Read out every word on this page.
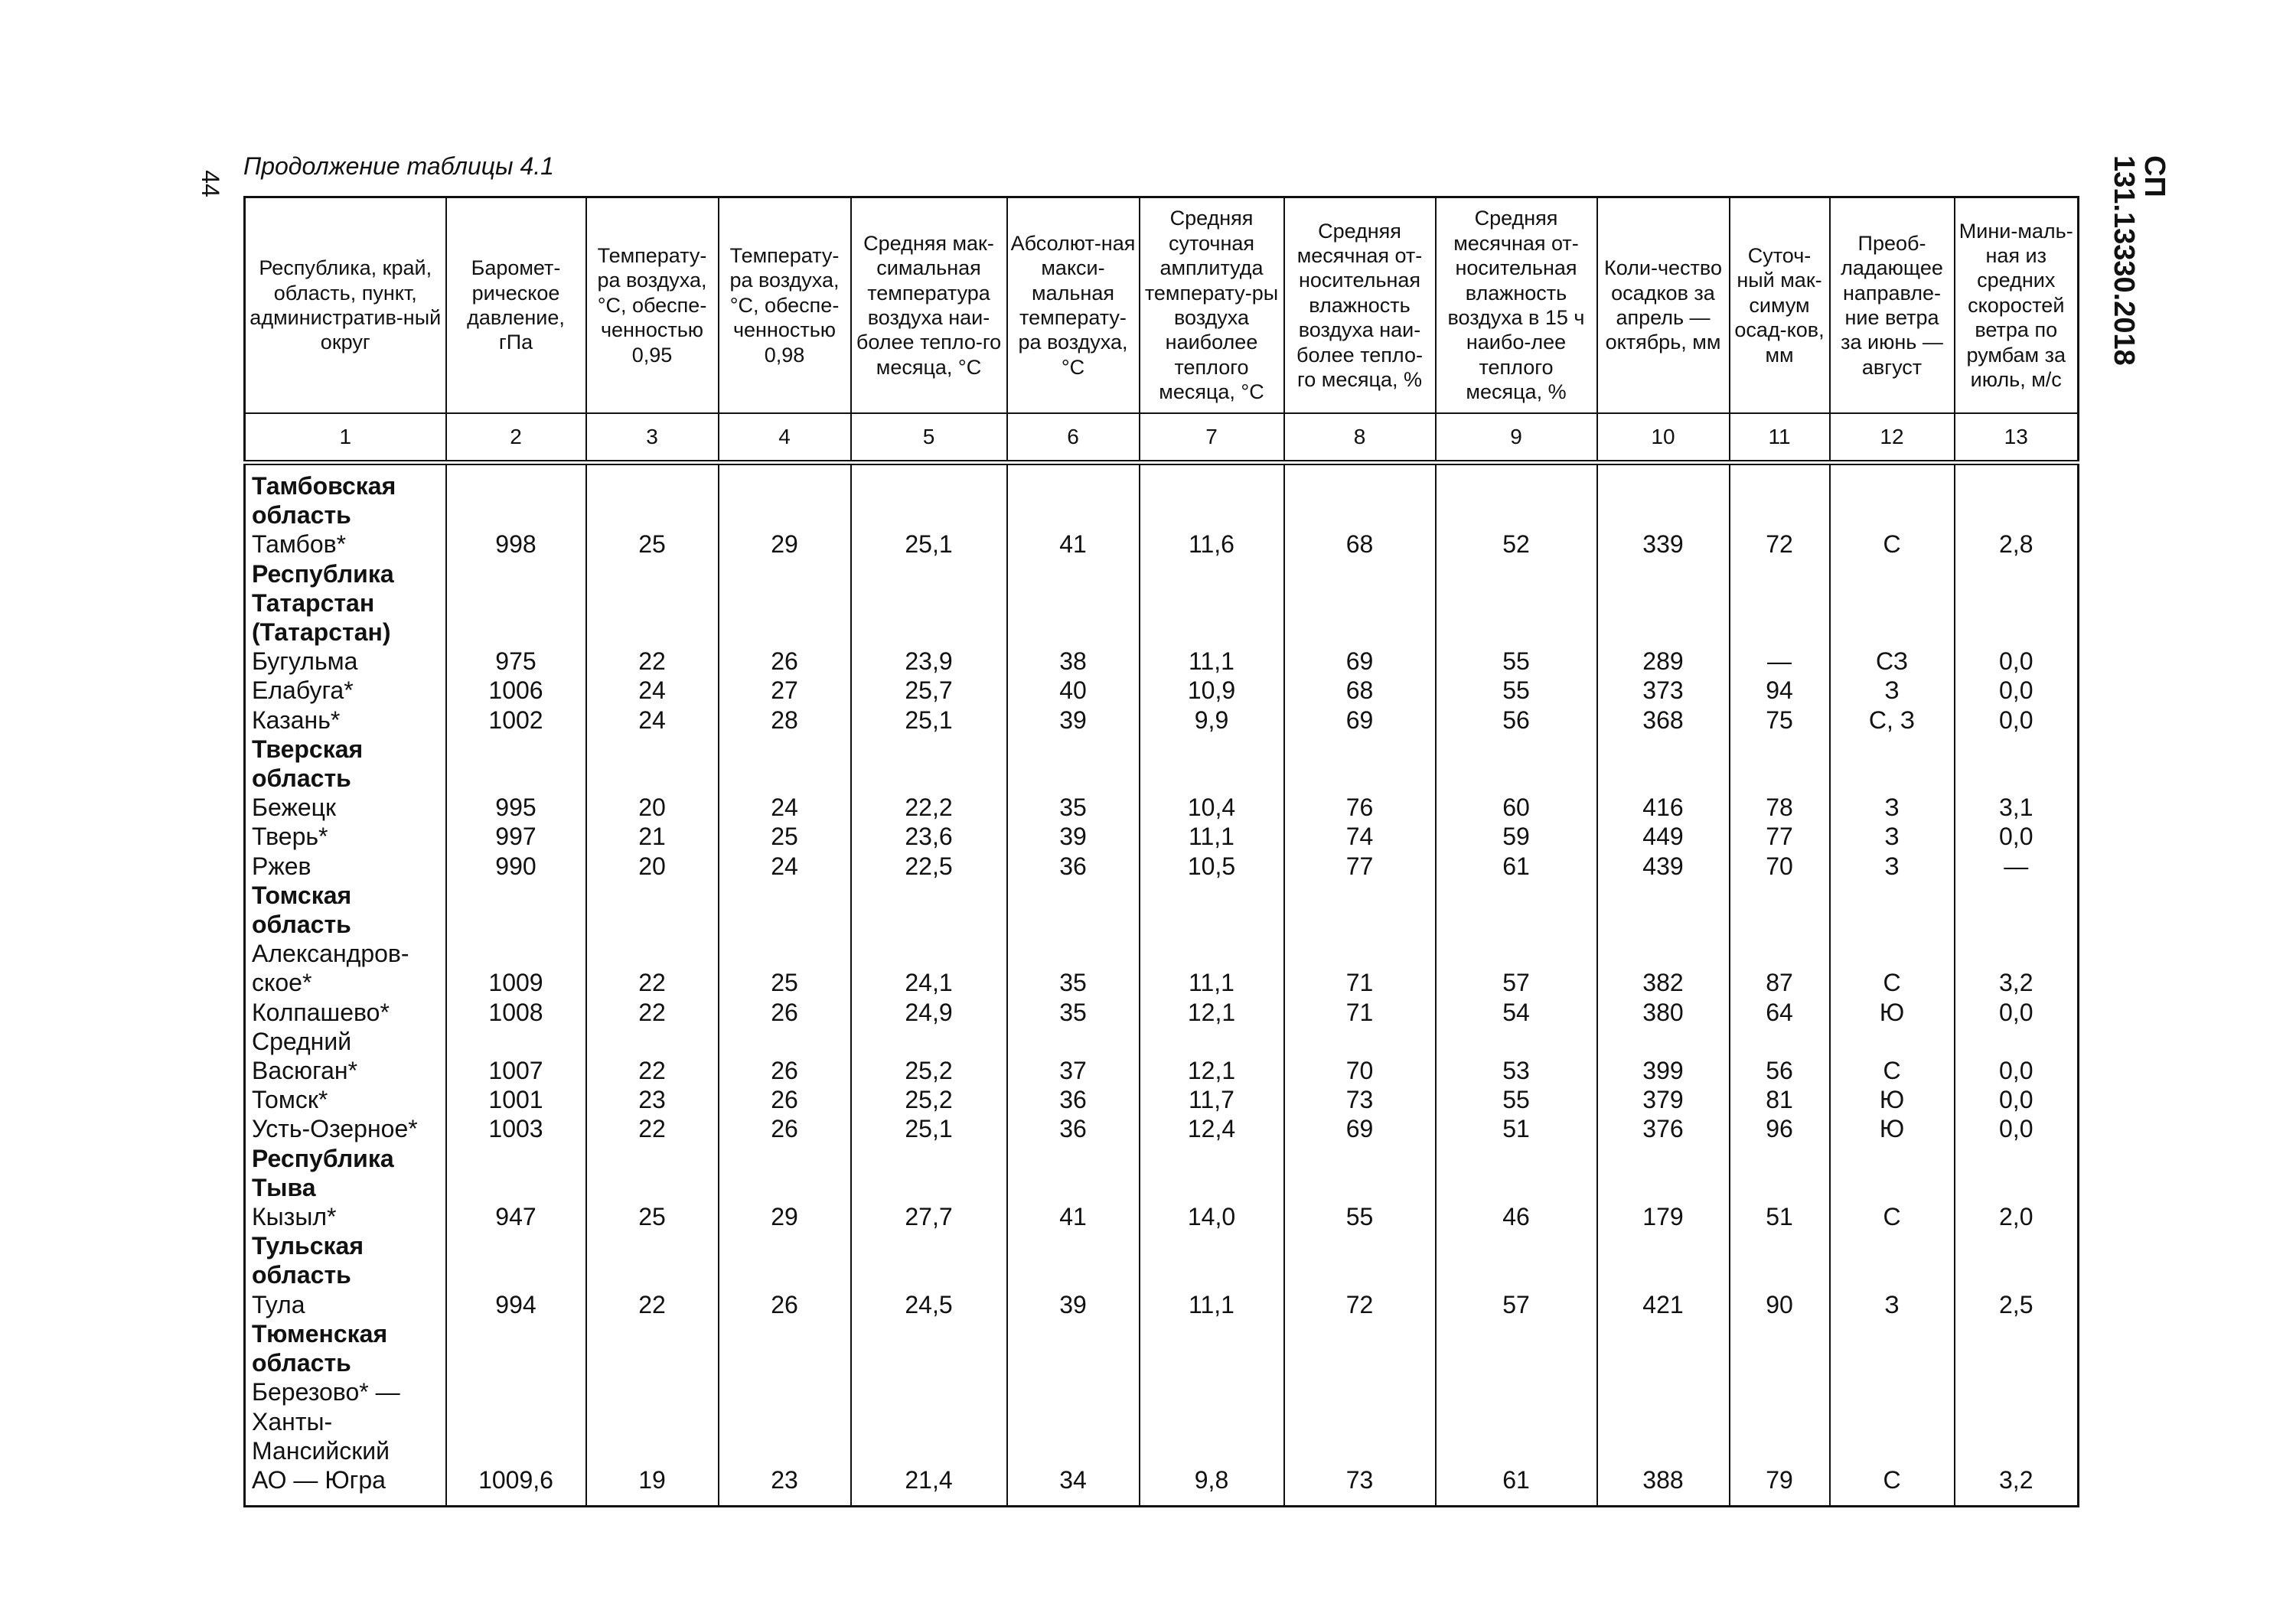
44
Продолжение таблицы 4.1	СП 131.13330.2018
Республика, край, область, пункт, административ-ный округ	Баромет-рическое давление, гПа	Температу-ра воздуха, °С, обеспе-ченностью 0,95	Температу-ра воздуха, °С, обеспе-ченностью 0,98	Средняя мак-симальная температура воздуха наи-более тепло-го месяца, °С	Абсолют-ная макси-мальная температу-ра воздуха, °С	Средняя суточная амплитуда температу-ры воздуха наиболее теплого месяца, °С	Средняя месячная от-носительная влажность воздуха наи-более тепло-го месяца, %	Средняя месячная от-носительная влажность воздуха в 15 ч наибо-лее теплого месяца, %	Коли-чество осадков за апрель — октябрь, мм	Суточ-ный мак-симум осад-ков, мм	Преоб-ладающее направле-ние ветра за июнь — август	Мини-маль-ная из средних скоростей ветра по румбам за июль, м/с
1	2	3	4	5	6	7	8	9	10	11	12	13
Тамбовская
область												
Тамбов*	998	25	29	25,1	41	11,6	68	52	339	72	С	2,8
Республика
Татарстан
(Татарстан)												
Бугульма	975	22	26	23,9	38	11,1	69	55	289	—	СЗ	0,0
Елабуга*	1006	24	27	25,7	40	10,9	68	55	373	94	З	0,0
Казань*	1002	24	28	25,1	39	9,9	69	56	368	75	С, З	0,0
Тверская
область												
Бежецк	995	20	24	22,2	35	10,4	76	60	416	78	З	3,1
Тверь*	997	21	25	23,6	39	11,1	74	59	449	77	З	0,0
Ржев	990	20	24	22,5	36	10,5	77	61	439	70	З	—
Томская область												
Александров-
ское*	1009	22	25	24,1	35	11,1	71	57	382	87	С	3,2
Колпашево*	1008	22	26	24,9	35	12,1	71	54	380	64	Ю	0,0
Средний
Васюган*	1007	22	26	25,2	37	12,1	70	53	399	56	С	0,0
Томск*	1001	23	26	25,2	36	11,7	73	55	379	81	Ю	0,0
Усть-Озерное*	1003	22	26	25,1	36	12,4	69	51	376	96	Ю	0,0
Республика
Тыва												
Кызыл*	947	25	29	27,7	41	14,0	55	46	179	51	С	2,0
Тульская
область												
Тула	994	22	26	24,5	39	11,1	72	57	421	90	З	2,5
Тюменская
область												
Березово* —
Ханты-
Мансийский
АО — Югра	1009,6	19	23	21,4	34	9,8	73	61	388	79	С	3,2
